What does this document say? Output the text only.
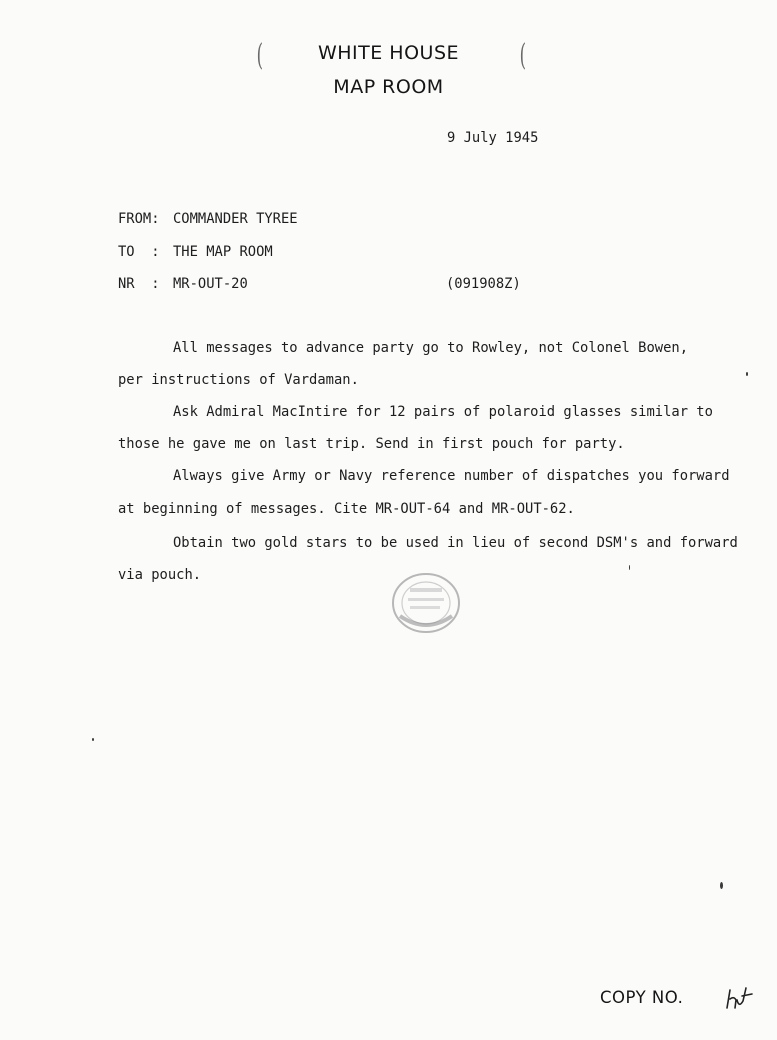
(	(
WHITE HOUSE
MAP ROOM
9 July 1945
FROM: COMMANDER TYREE
TO  : THE MAP ROOM
NR  : MR-OUT-20	(091908Z)
All messages to advance party go to Rowley, not Colonel Bowen,
per instructions of Vardaman.
Ask Admiral MacIntire for 12 pairs of polaroid glasses similar to
those he gave me on last trip. Send in first pouch for party.
Always give Army or Navy reference number of dispatches you forward
at beginning of messages. Cite MR-OUT-64 and MR-OUT-62.
Obtain two gold stars to be used in lieu of second DSM's and forward
via pouch.
COPY NO.
